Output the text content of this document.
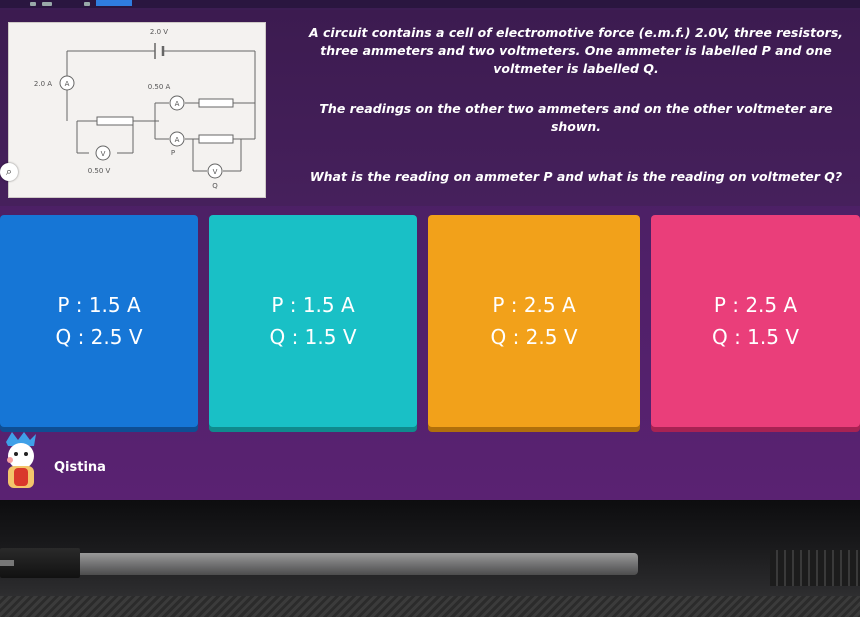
A
A
A
V
V
2.0 V
2.0 A	0.50 A
0.50 V
P
Q
⌕
A circuit contains a cell of electromotive force (e.m.f.) 2.0V, three resistors, three ammeters and two voltmeters. One ammeter is labelled P and one voltmeter is labelled Q.
The readings on the other two ammeters and on the other voltmeter are shown.
What is the reading on ammeter P and what is the reading on voltmeter Q?
P : 1.5 A
Q : 2.5 V
P : 1.5 A
Q : 1.5 V
P : 2.5 A
Q : 2.5 V
P : 2.5 A
Q : 1.5 V
Qistina
